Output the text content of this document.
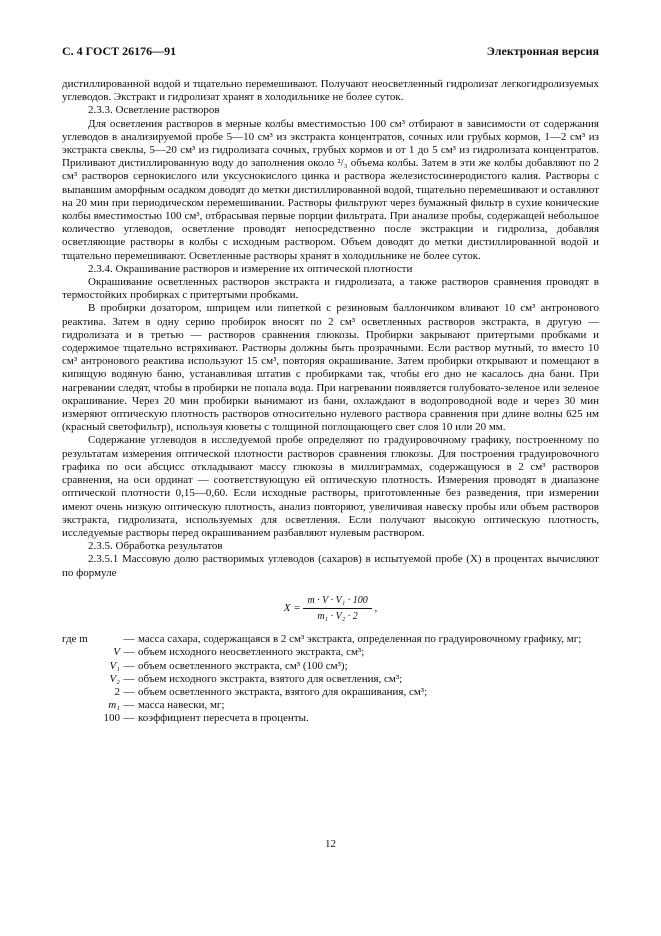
С. 4 ГОСТ 26176—91	Электронная версия

дистиллированной водой и тщательно перемешивают. Получают неосветленный гидролизат легкогидролизуемых углеводов. Экстракт и гидролизат хранят в холодильнике не более суток.

2.3.3. Осветление растворов

Для осветления растворов в мерные колбы вместимостью 100 см³ отбирают в зависимости от содержания углеводов в анализируемой пробе 5—10 см³ из экстракта концентратов, сочных или грубых кормов, 1—2 см³ из экстракта свеклы, 5—20 см³ из гидролизата сочных, грубых кормов и от 1 до 5 см³ из гидролизата концентратов. Приливают дистиллированную воду до заполнения около ²/₃ объема колбы. Затем в эти же колбы добавляют по 2 см³ растворов сернокислого или уксуснокислого цинка и раствора железистосинеродистого калия. Растворы с выпавшим аморфным осадком доводят до метки дистиллированной водой, тщательно перемешивают и оставляют на 20 мин при периодическом перемешивании. Растворы фильтруют через бумажный фильтр в сухие конические колбы вместимостью 100 см³, отбрасывая первые порции фильтрата. При анализе пробы, содержащей небольшое количество углеводов, осветление проводят непосредственно после экстракции и гидролиза, добавляя осветляющие растворы в колбы с исходным раствором. Объем доводят до метки дистиллированной водой и тщательно перемешивают. Осветленные растворы хранят в холодильнике не более суток.

2.3.4. Окрашивание растворов и измерение их оптической плотности

Окрашивание осветленных растворов экстракта и гидролизата, а также растворов сравнения проводят в термостойких пробирках с притертыми пробками.

В пробирки дозатором, шприцем или пипеткой с резиновым баллончиком вливают 10 см³ антронового реактива. Затем в одну серию пробирок вносят по 2 см³ осветленных растворов экстракта, в другую — гидролизата и в третью — растворов сравнения глюкозы. Пробирки закрывают притертыми пробками и содержимое тщательно встряхивают. Растворы должны быть прозрачными. Если раствор мутный, то вместо 10 см³ антронового реактива используют 15 см³, повторяя окрашивание. Затем пробирки открывают и помещают в кипящую водяную баню, устанавливая штатив с пробирками так, чтобы его дно не касалось дна бани. При нагревании следят, чтобы в пробирки не попала вода. При нагревании появляется голубовато-зеленое или зеленое окрашивание. Через 20 мин пробирки вынимают из бани, охлаждают в водопроводной воде и через 30 мин измеряют оптическую плотность растворов относительно нулевого раствора сравнения при длине волны 625 нм (красный светофильтр), используя кюветы с толщиной поглощающего свет слоя 10 или 20 мм.

Содержание углеводов в исследуемой пробе определяют по градуировочному графику, построенному по результатам измерения оптической плотности растворов сравнения глюкозы. Для построения градуировочного графика по оси абсцисс откладывают массу глюкозы в миллиграммах, содержащуюся в 2 см³ растворов сравнения, на оси ординат — соответствующую ей оптическую плотность. Измерения проводят в диапазоне оптической плотности 0,15—0,60. Если исходные растворы, приготовленные без разведения, при измерении имеют очень низкую оптическую плотность, анализ повторяют, увеличивая навеску пробы или объем растворов экстракта, гидролизата, используемых для осветления. Если получают высокую оптическую плотность, исследуемые растворы перед окрашиванием разбавляют нулевым раствором.

2.3.5. Обработка результатов

2.3.5.1 Массовую долю растворимых углеводов (сахаров) в испытуемой пробе (X) в процентах вычисляют по формуле

$X = \frac{\text{m · V · V₁ · 100}}{\text{m₁ · V₂ · 2}}$ ,
где m	— масса сахара, содержащаяся в 2 см³ экстракта, определенная по градуировочному графику, мг;
V — объем исходного неосветленного экстракта, см³;
V₁ — объем осветленного экстракта, см³ (100 см³);
V₂ — объем исходного экстракта, взятого для осветления, см³;
2 — объем осветленного экстракта, взятого для окрашивания, см³;
m₁ — масса навески, мг;
100 — коэффициент пересчета в проценты.
12
